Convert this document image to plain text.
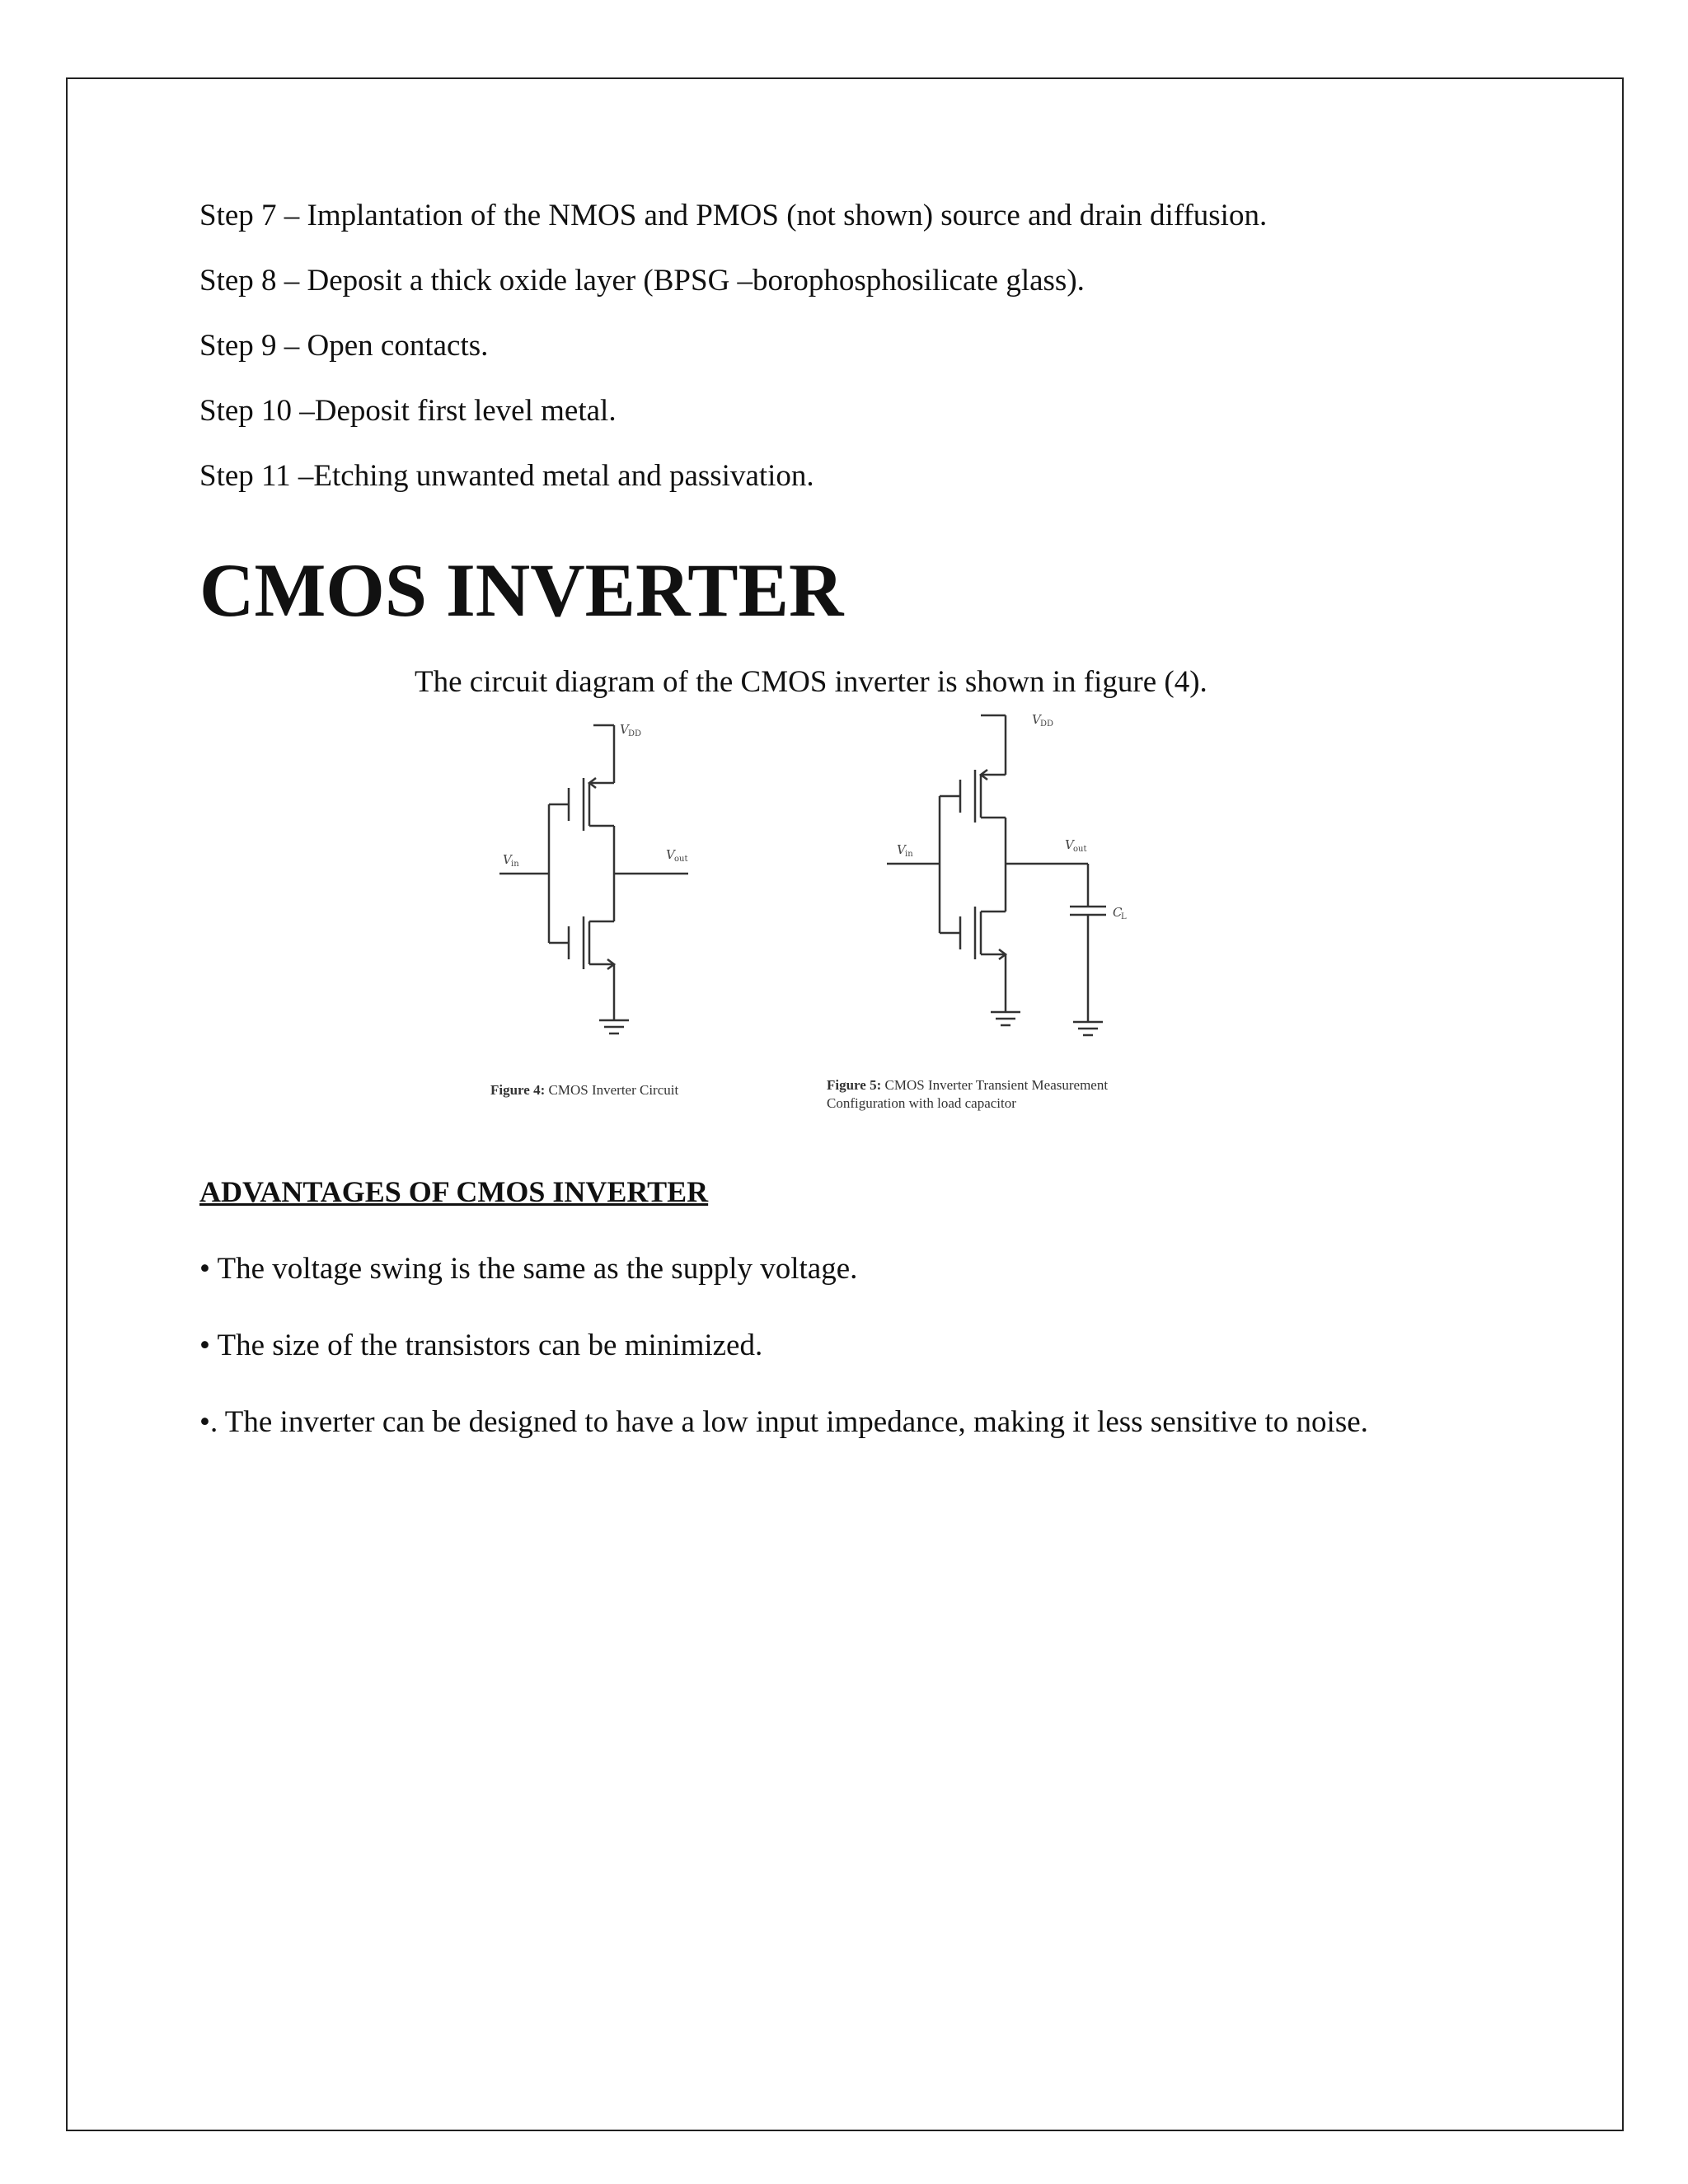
Step 7 – Implantation of the NMOS and PMOS (not shown) source and drain diffusion.
Step 8 – Deposit a thick oxide layer (BPSG –borophosphosilicate glass).
Step 9 – Open contacts.
Step 10 –Deposit first level metal.
Step 11 –Etching unwanted metal and passivation.
CMOS INVERTER
The circuit diagram of the CMOS inverter is shown in figure (4).
V DD
V in
V out
Figure 4: CMOS Inverter Circuit
V DD
V in
V out
C
L
Figure 5: CMOS Inverter Transient Measurement
Configuration with load capacitor
ADVANTAGES OF CMOS INVERTER
• The voltage swing is the same as the supply voltage.
• The size of the transistors can be minimized.
•. The inverter can be designed to have a low input impedance, making it less sensitive to noise.
